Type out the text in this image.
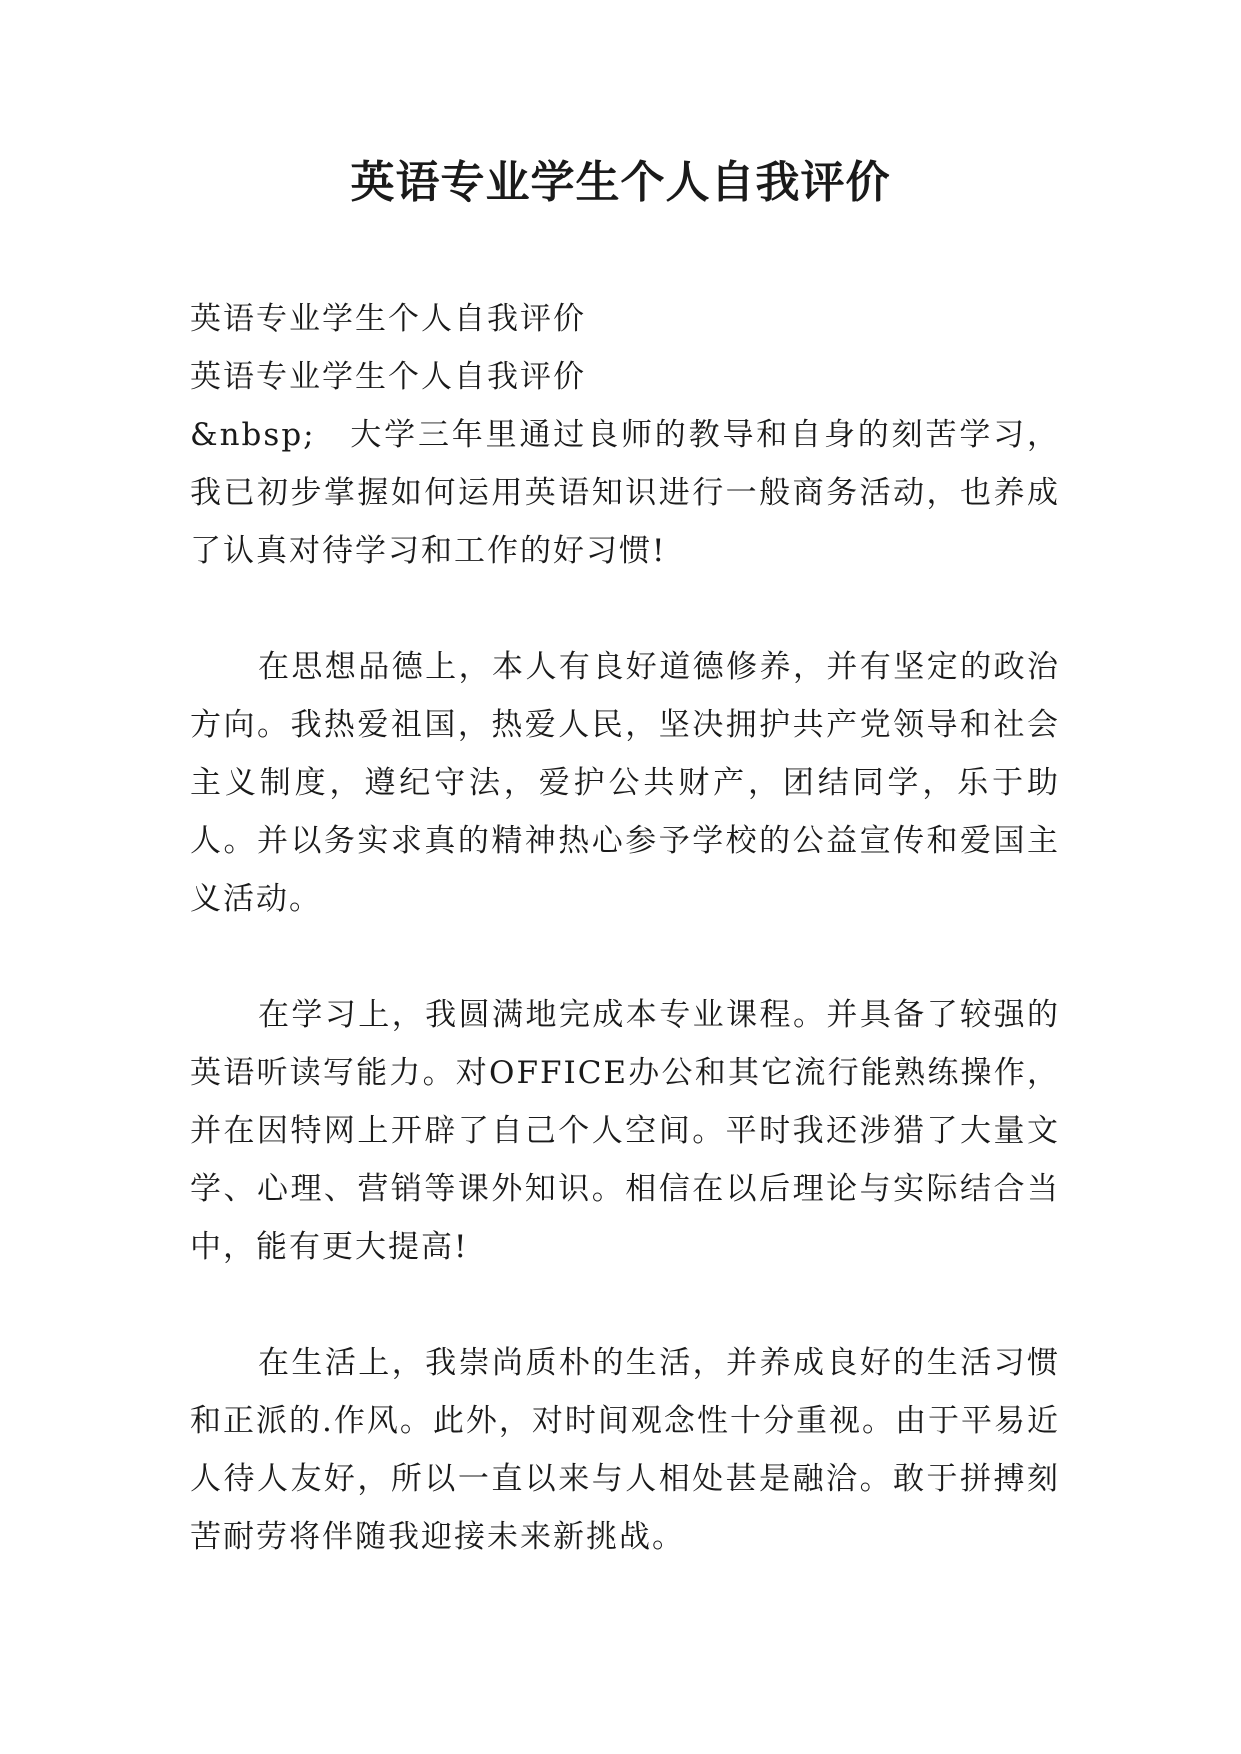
英语专业学生个人自我评价

英语专业学生个人自我评价

英语专业学生个人自我评价

&nbsp;　大学三年里通过良师的教导和自身的刻苦学习，我已初步掌握如何运用英语知识进行一般商务活动，也养成了认真对待学习和工作的好习惯!

在思想品德上，本人有良好道德修养，并有坚定的政治方向。我热爱祖国，热爱人民，坚决拥护共产党领导和社会主义制度，遵纪守法，爱护公共财产，团结同学，乐于助人。并以务实求真的精神热心参予学校的公益宣传和爱国主义活动。

在学习上，我圆满地完成本专业课程。并具备了较强的英语听读写能力。对OFFICE办公和其它流行能熟练操作，并在因特网上开辟了自己个人空间。平时我还涉猎了大量文学、心理、营销等课外知识。相信在以后理论与实际结合当中，能有更大提高!

在生活上，我崇尚质朴的生活，并养成良好的生活习惯和正派的.作风。此外，对时间观念性十分重视。由于平易近人待人友好，所以一直以来与人相处甚是融洽。敢于拼搏刻苦耐劳将伴随我迎接未来新挑战。
